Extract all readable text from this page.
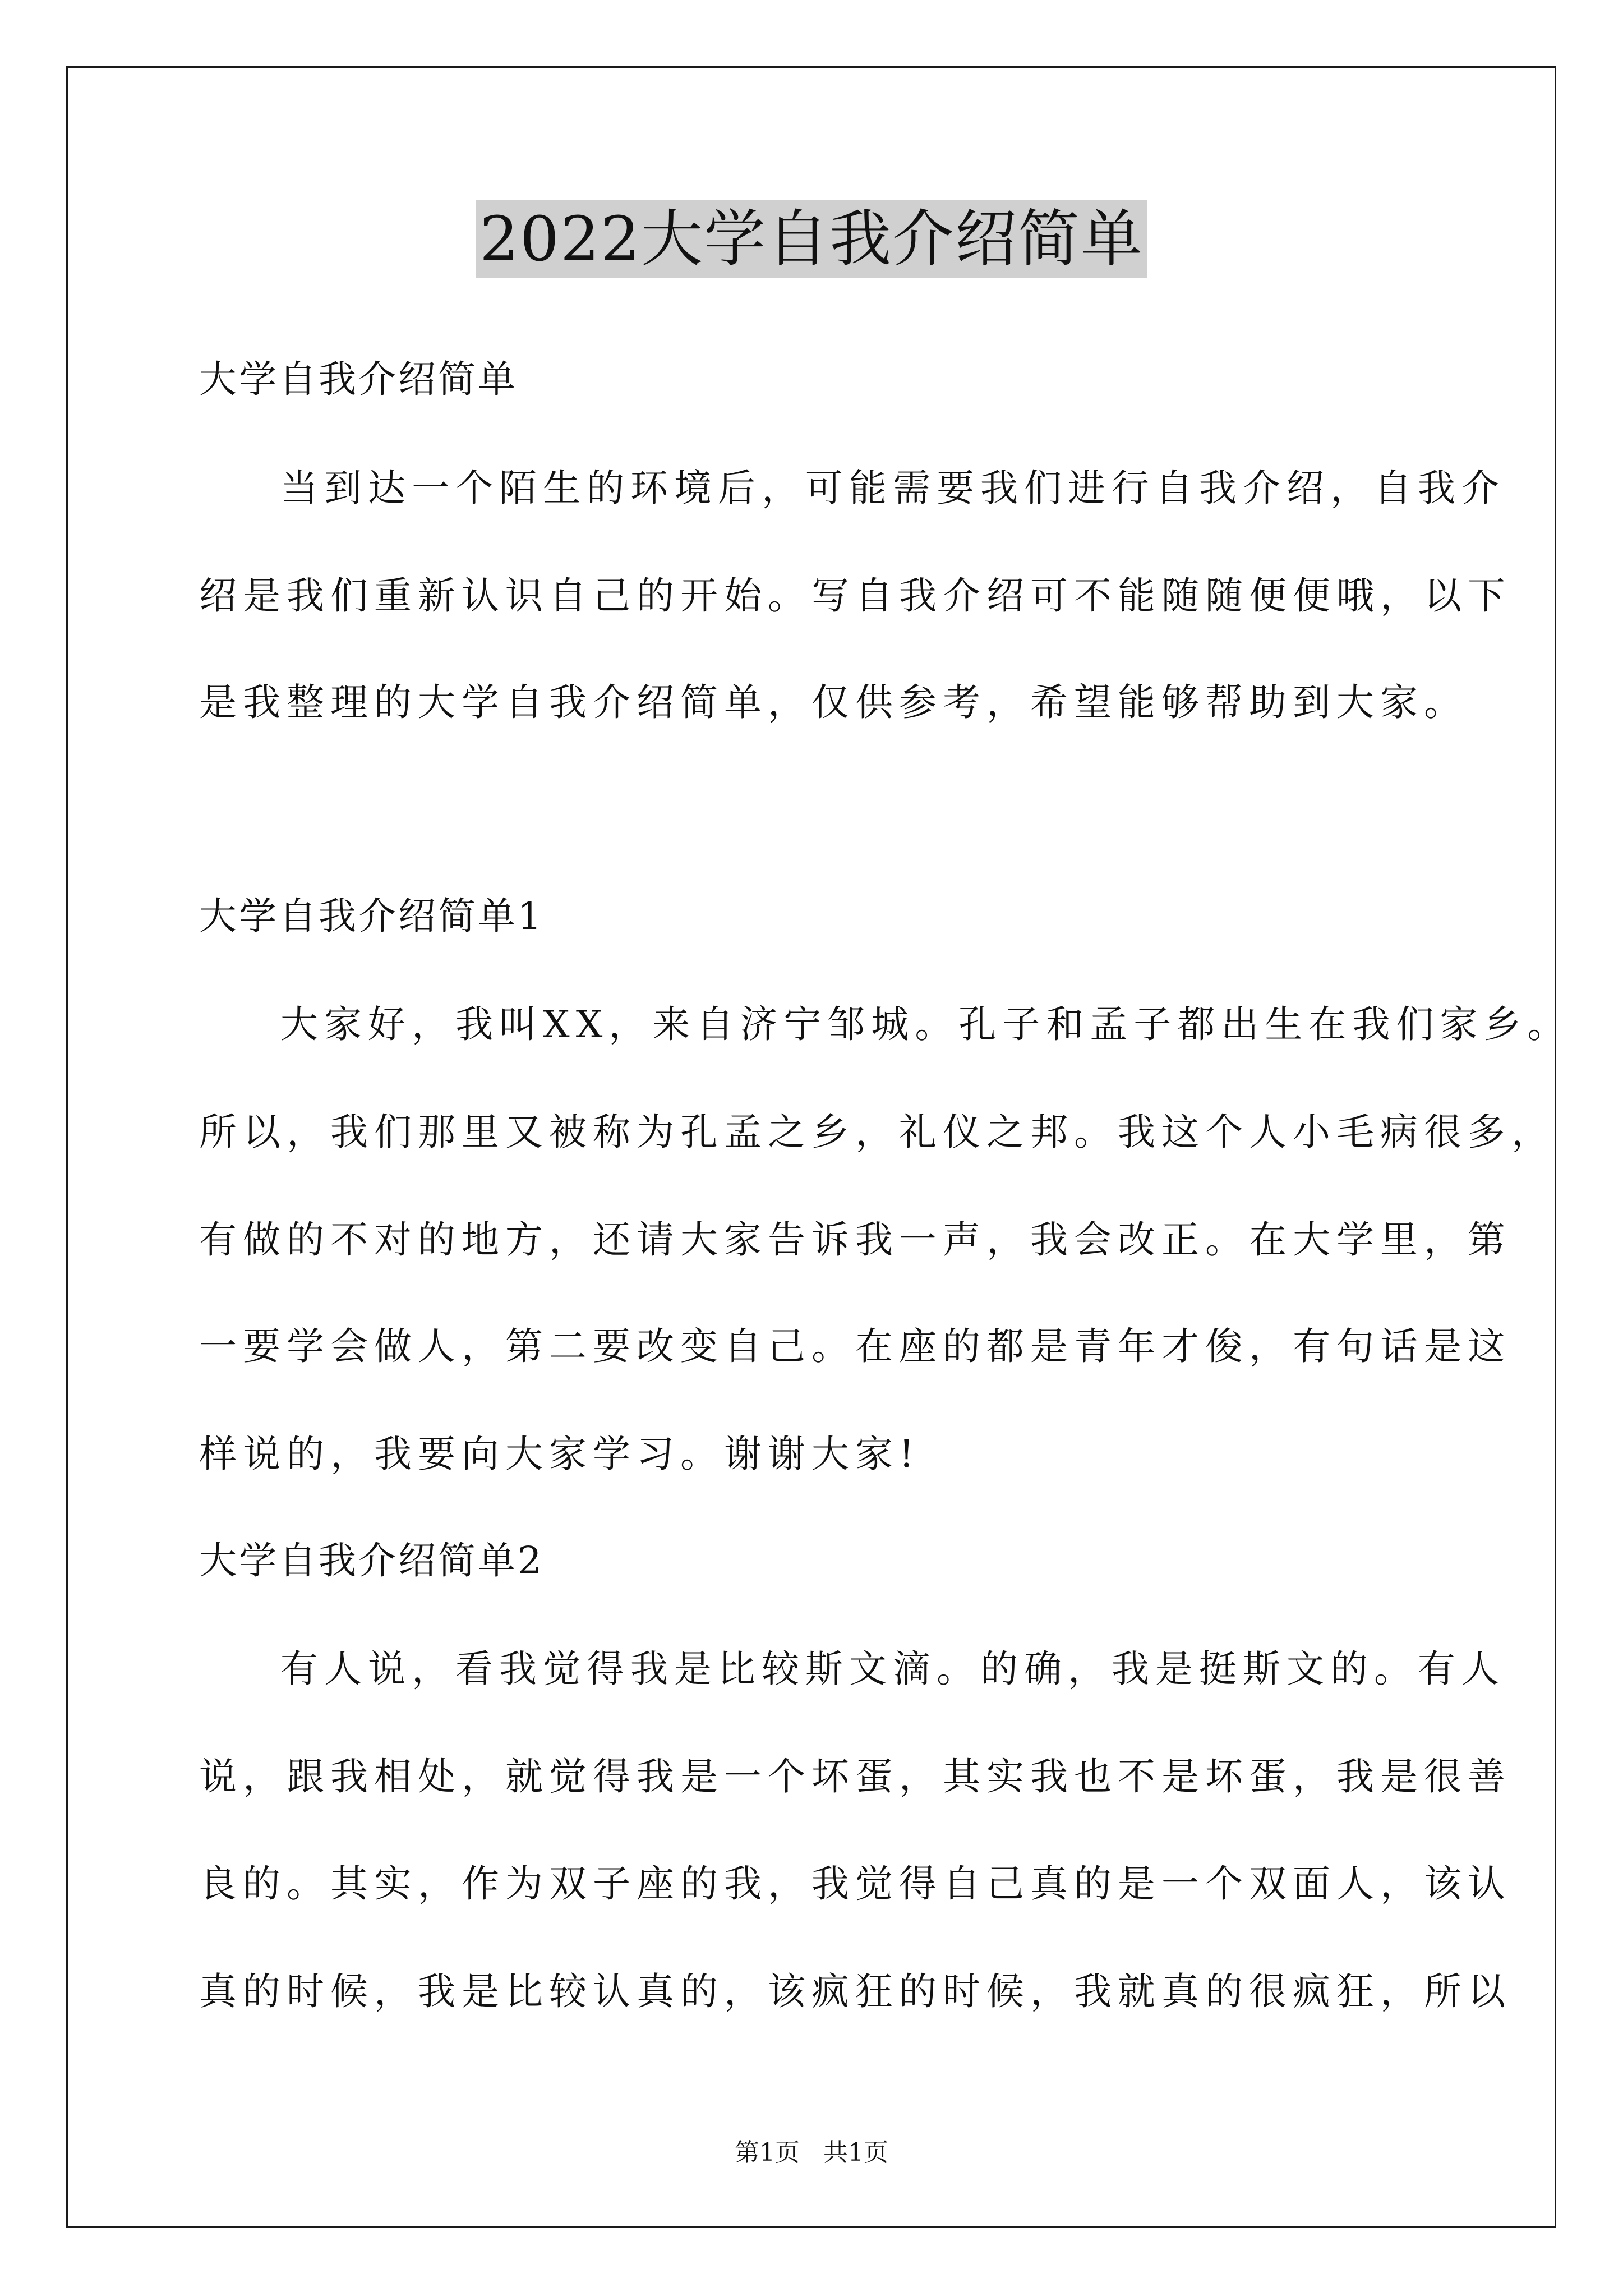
2022大学自我介绍简单
大学自我介绍简单
当到达一个陌生的环境后，可能需要我们进行自我介绍，自我介
绍是我们重新认识自己的开始。写自我介绍可不能随随便便哦，以下
是我整理的大学自我介绍简单，仅供参考，希望能够帮助到大家。
大学自我介绍简单1
大家好，我叫XX，来自济宁邹城。孔子和孟子都出生在我们家乡。
所以，我们那里又被称为孔孟之乡，礼仪之邦。我这个人小毛病很多，
有做的不对的地方，还请大家告诉我一声，我会改正。在大学里，第
一要学会做人，第二要改变自己。在座的都是青年才俊，有句话是这
样说的，我要向大家学习。谢谢大家!
大学自我介绍简单2
有人说，看我觉得我是比较斯文滴。的确，我是挺斯文的。有人
说，跟我相处，就觉得我是一个坏蛋，其实我也不是坏蛋，我是很善
良的。其实，作为双子座的我，我觉得自己真的是一个双面人，该认
真的时候，我是比较认真的，该疯狂的时候，我就真的很疯狂，所以
第1页   共1页
